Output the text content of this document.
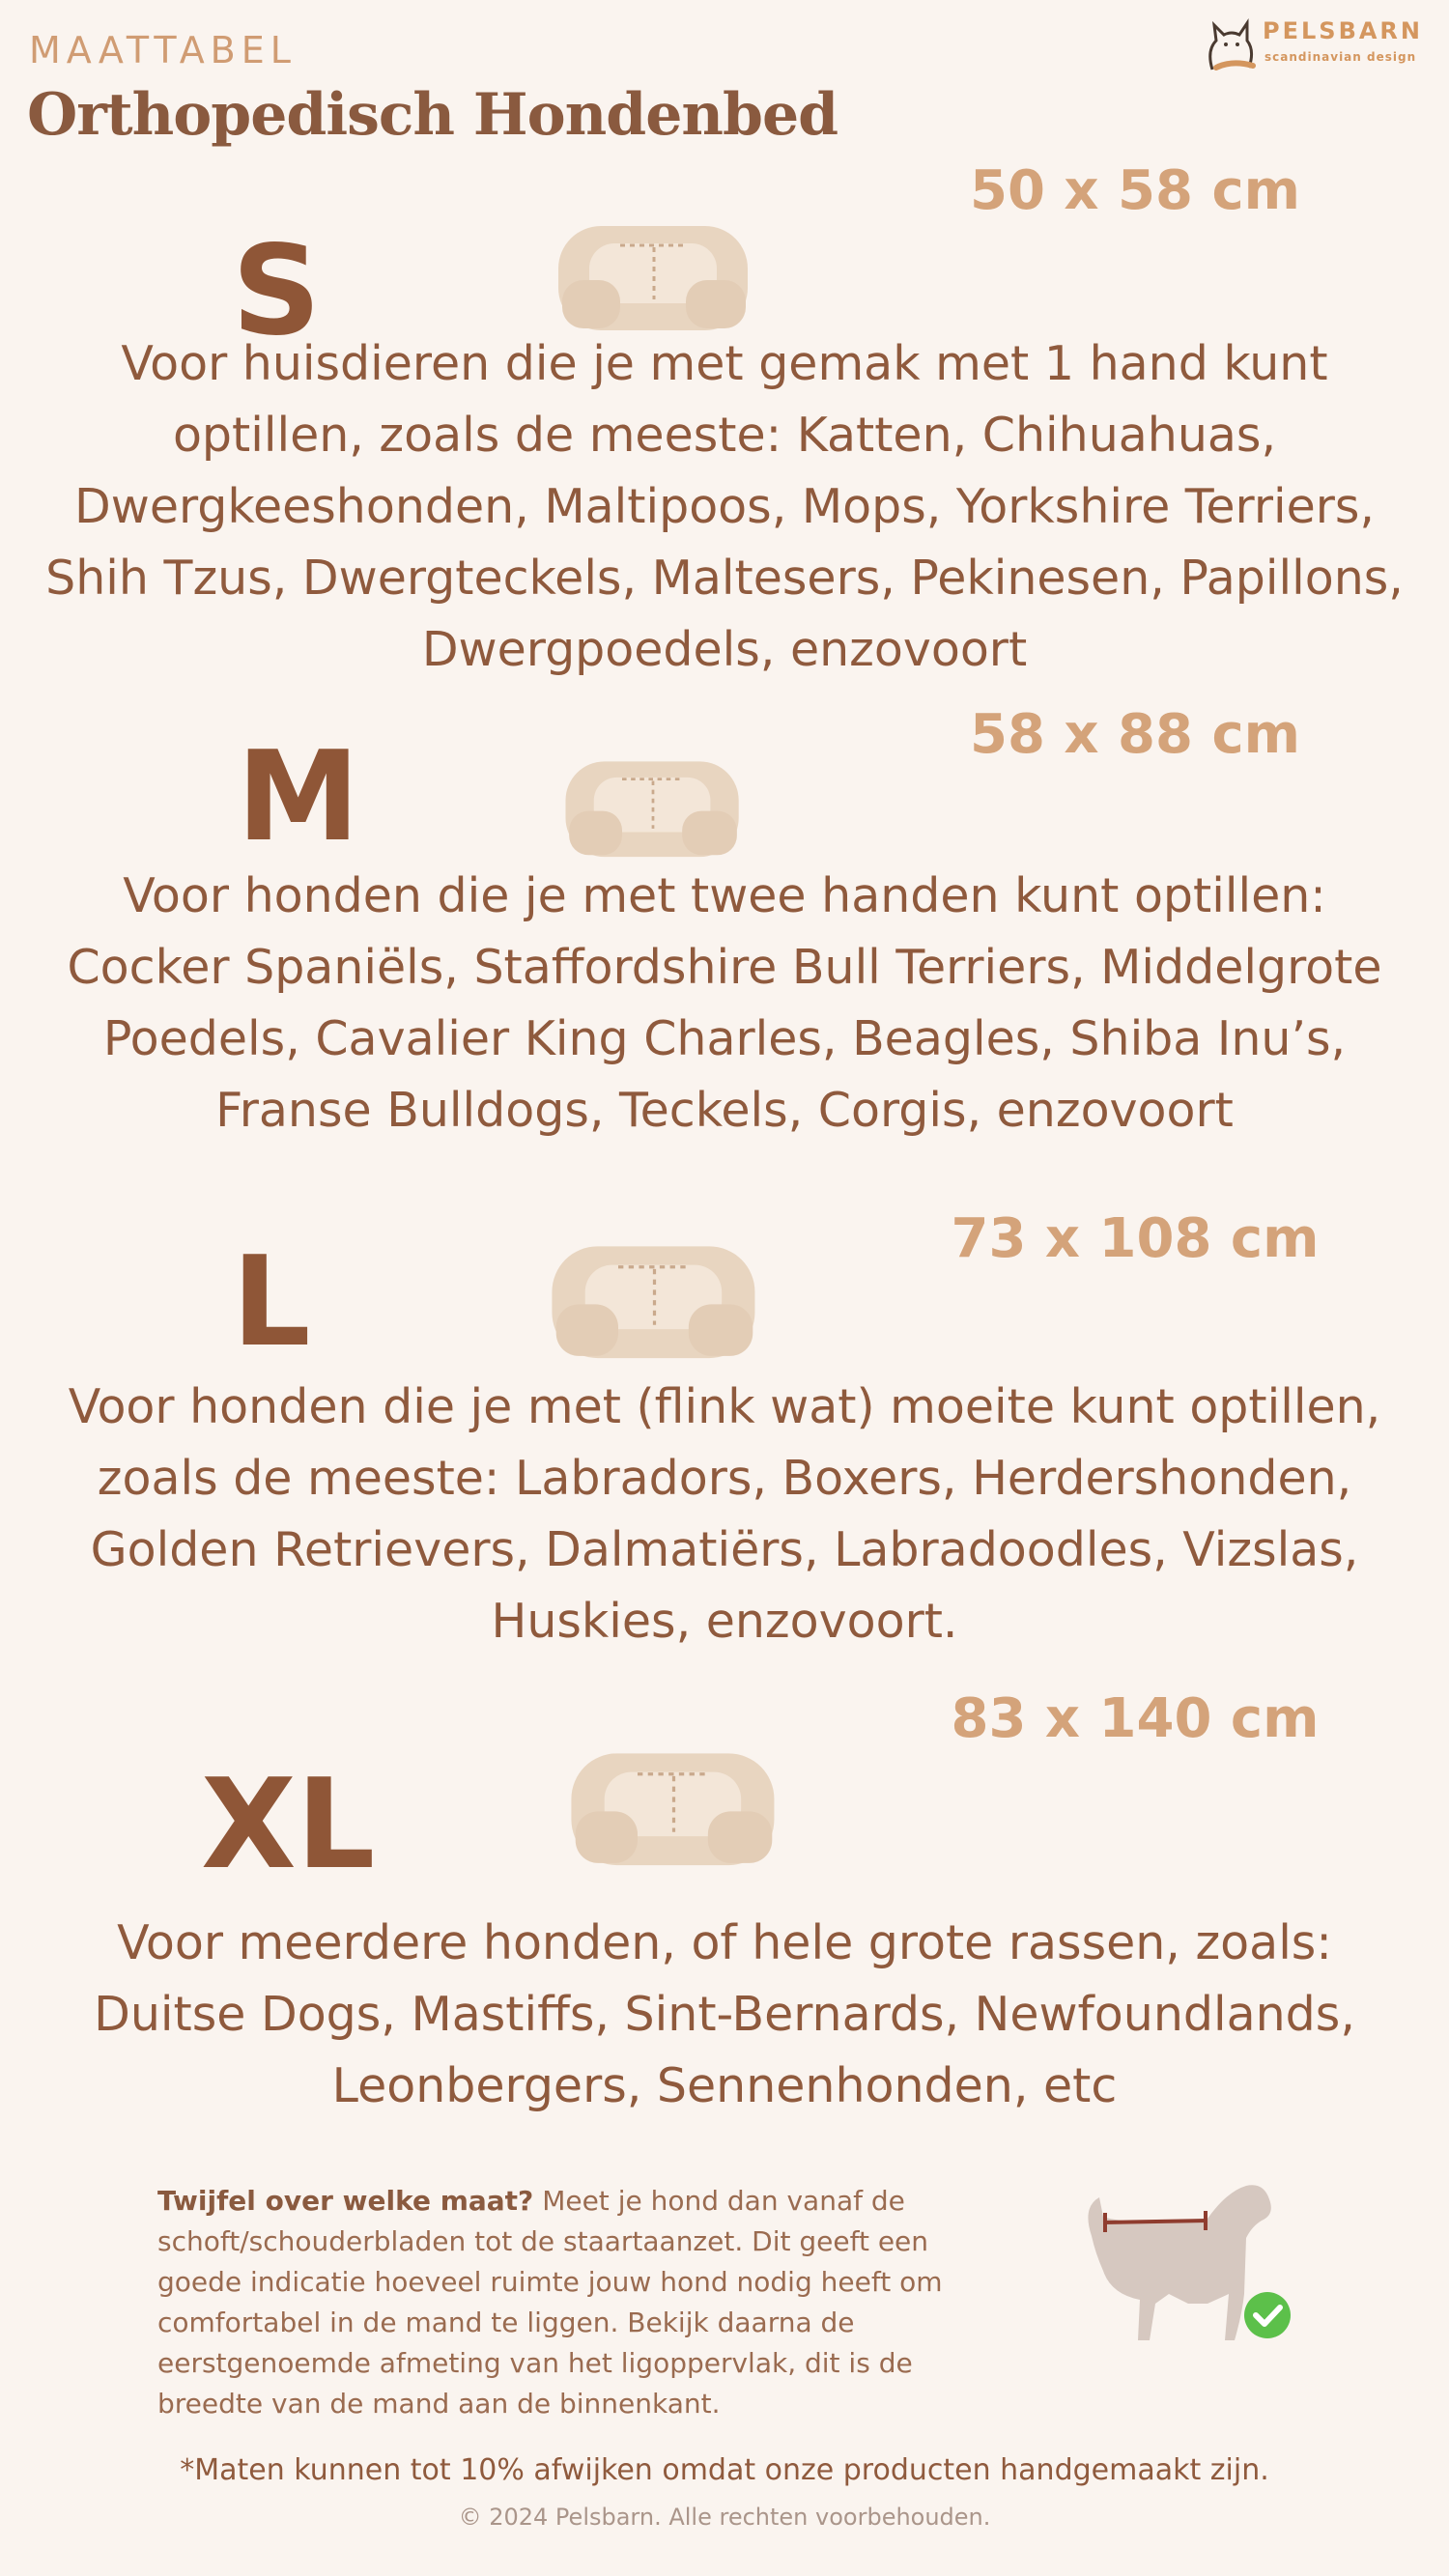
MAATTABEL
Orthopedisch Hondenbed
PELSBARN
scandinavian design
50 x 58 cm
S
Voor huisdieren die je met gemak met 1 hand kunt
optillen, zoals de meeste: Katten, Chihuahuas,
Dwergkeeshonden, Maltipoos, Mops, Yorkshire Terriers,
Shih Tzus, Dwergteckels, Maltesers, Pekinesen, Papillons,
Dwergpoedels, enzovoort
58 x 88 cm
M
Voor honden die je met twee handen kunt optillen:
Cocker Spaniëls, Staffordshire Bull Terriers, Middelgrote
Poedels, Cavalier King Charles, Beagles, Shiba Inu’s,
Franse Bulldogs, Teckels, Corgis, enzovoort
73 x 108 cm
L
Voor honden die je met (flink wat) moeite kunt optillen,
zoals de meeste: Labradors, Boxers, Herdershonden,
Golden Retrievers, Dalmatiërs, Labradoodles, Vizslas,
Huskies, enzovoort.
83 x 140 cm
XL
Voor meerdere honden, of hele grote rassen, zoals:
Duitse Dogs, Mastiffs, Sint-Bernards, Newfoundlands,
Leonbergers, Sennenhonden, etc
Twijfel over welke maat? Meet je hond dan vanaf de
schoft/schouderbladen tot de staartaanzet. Dit geeft een
goede indicatie hoeveel ruimte jouw hond nodig heeft om
comfortabel in de mand te liggen. Bekijk daarna de
eerstgenoemde afmeting van het ligoppervlak, dit is de
breedte van de mand aan de binnenkant.
*Maten kunnen tot 10% afwijken omdat onze producten handgemaakt zijn.
© 2024 Pelsbarn. Alle rechten voorbehouden.
